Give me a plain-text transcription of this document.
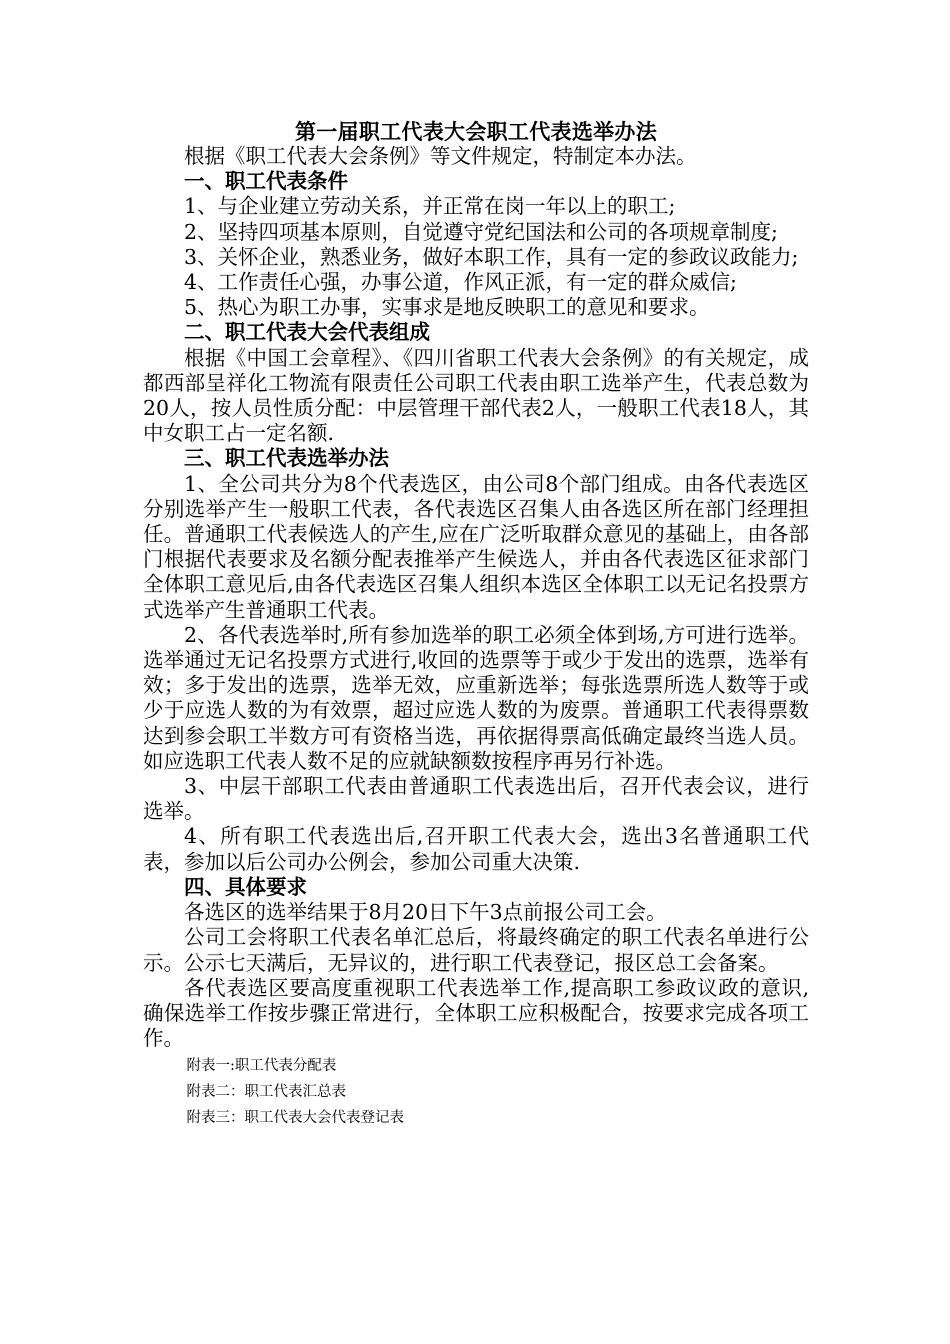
第一届职工代表大会职工代表选举办法

根据《职工代表大会条例》等文件规定，特制定本办法。

一、职工代表条件

1、与企业建立劳动关系，并正常在岗一年以上的职工;

2、坚持四项基本原则，自觉遵守党纪国法和公司的各项规章制度;

3、关怀企业，熟悉业务，做好本职工作，具有一定的参政议政能力;

4、工作责任心强，办事公道，作风正派，有一定的群众威信;

5、热心为职工办事，实事求是地反映职工的意见和要求。

二、职工代表大会代表组成

根据《中国工会章程》、《四川省职工代表大会条例》的有关规定，成都西部呈祥化工物流有限责任公司职工代表由职工选举产生，代表总数为20人，按人员性质分配：中层管理干部代表2人，一般职工代表18人，其中女职工占一定名额.

三、职工代表选举办法

1、全公司共分为8个代表选区，由公司8个部门组成。由各代表选区分别选举产生一般职工代表，各代表选区召集人由各选区所在部门经理担任。普通职工代表候选人的产生,应在广泛听取群众意见的基础上，由各部门根据代表要求及名额分配表推举产生候选人，并由各代表选区征求部门全体职工意见后,由各代表选区召集人组织本选区全体职工以无记名投票方式选举产生普通职工代表。

2、各代表选举时,所有参加选举的职工必须全体到场,方可进行选举。选举通过无记名投票方式进行,收回的选票等于或少于发出的选票，选举有效；多于发出的选票，选举无效，应重新选举；每张选票所选人数等于或少于应选人数的为有效票，超过应选人数的为废票。普通职工代表得票数达到参会职工半数方可有资格当选，再依据得票高低确定最终当选人员。如应选职工代表人数不足的应就缺额数按程序再另行补选。

3、中层干部职工代表由普通职工代表选出后，召开代表会议，进行选举。

4、所有职工代表选出后,召开职工代表大会，选出3名普通职工代表，参加以后公司办公例会，参加公司重大决策.

四、具体要求

各选区的选举结果于8月20日下午3点前报公司工会。

公司工会将职工代表名单汇总后，将最终确定的职工代表名单进行公示。公示七天满后，无异议的，进行职工代表登记，报区总工会备案。

各代表选区要高度重视职工代表选举工作,提高职工参政议政的意识,确保选举工作按步骤正常进行，全体职工应积极配合，按要求完成各项工作。

附表一:职工代表分配表

附表二：职工代表汇总表

附表三：职工代表大会代表登记表
